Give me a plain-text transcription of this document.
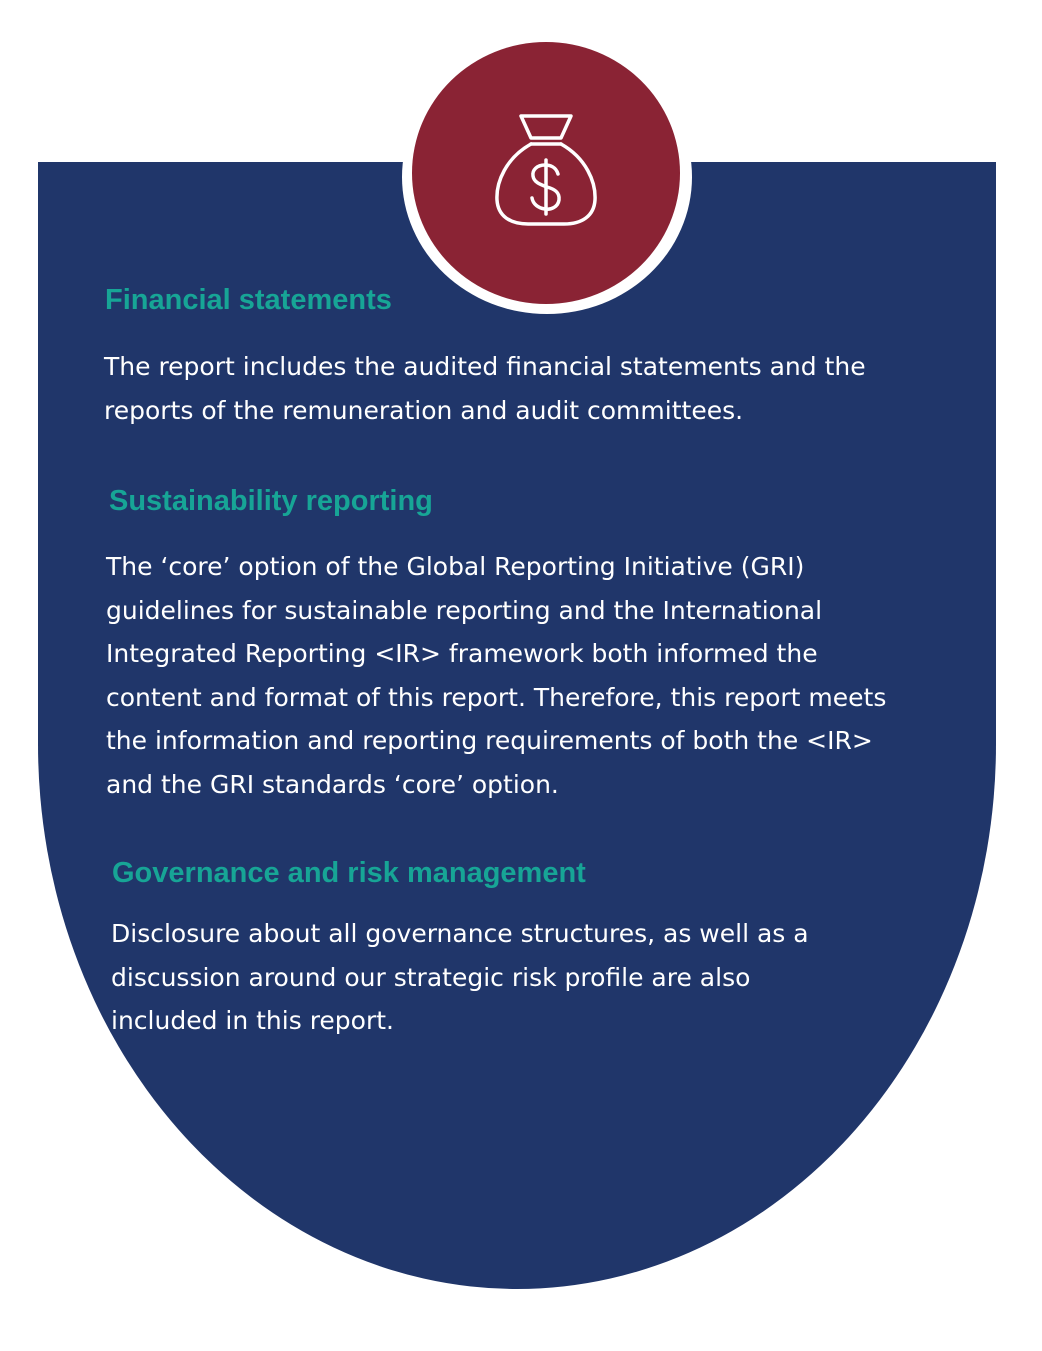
Financial statements

The report includes the audited financial statements and the
reports of the remuneration and audit committees.

Sustainability reporting

The ‘core’ option of the Global Reporting Initiative (GRI)
guidelines for sustainable reporting and the International
Integrated Reporting <IR> framework both informed the
content and format of this report. Therefore, this report meets
the information and reporting requirements of both the <IR>
and the GRI standards ‘core’ option.

Governance and risk management

Disclosure about all governance structures, as well as a
discussion around our strategic risk profile are also
included in this report.
